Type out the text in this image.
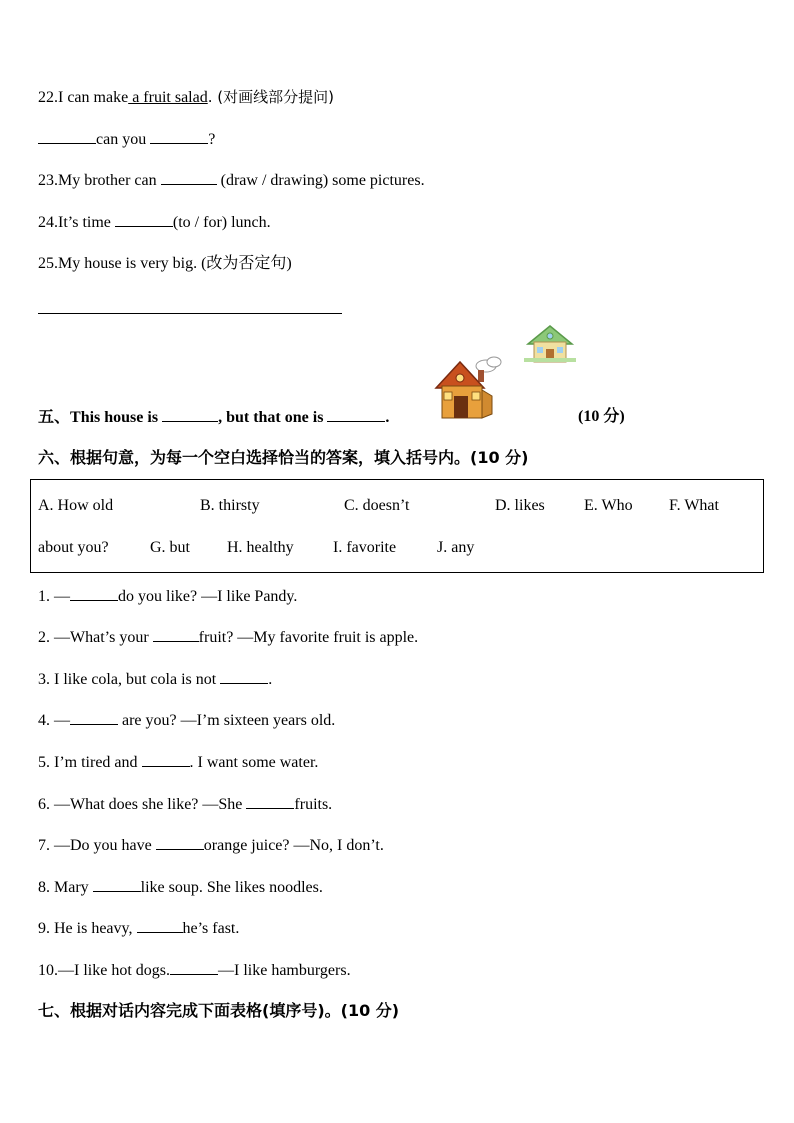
22.I can make a fruit salad. (对画线部分提问)
can you	?
23.My brother can	(draw / drawing) some pictures.
24.It’s time	(to / for) lunch.
25.My house is very big. (改为否定句)
五、This house is	, but that one is	.	(10 分)
六、根据句意，为每一个空白选择恰当的答案，填入括号内。(10 分)
A. How old	B. thirsty	C. doesn’t	D. likes E. Who F. What
about you?	G. but H. healthy I. favorite	J. any
1. —	do you like? —I like Pandy.
2. —What’s your	fruit? —My favorite fruit is apple.
3. I like cola, but cola is not	.
4. —	are you? —I’m sixteen years old.
5. I’m tired and	. I want some water.
6. —What does she like? —She	fruits.
7. —Do you have	orange juice? —No, I don’t.
8. Mary	like soup. She likes noodles.
9. He is heavy,	he’s fast.
10.—I like hot dogs.	—I like hamburgers.
七、根据对话内容完成下面表格(填序号)。(10 分)
